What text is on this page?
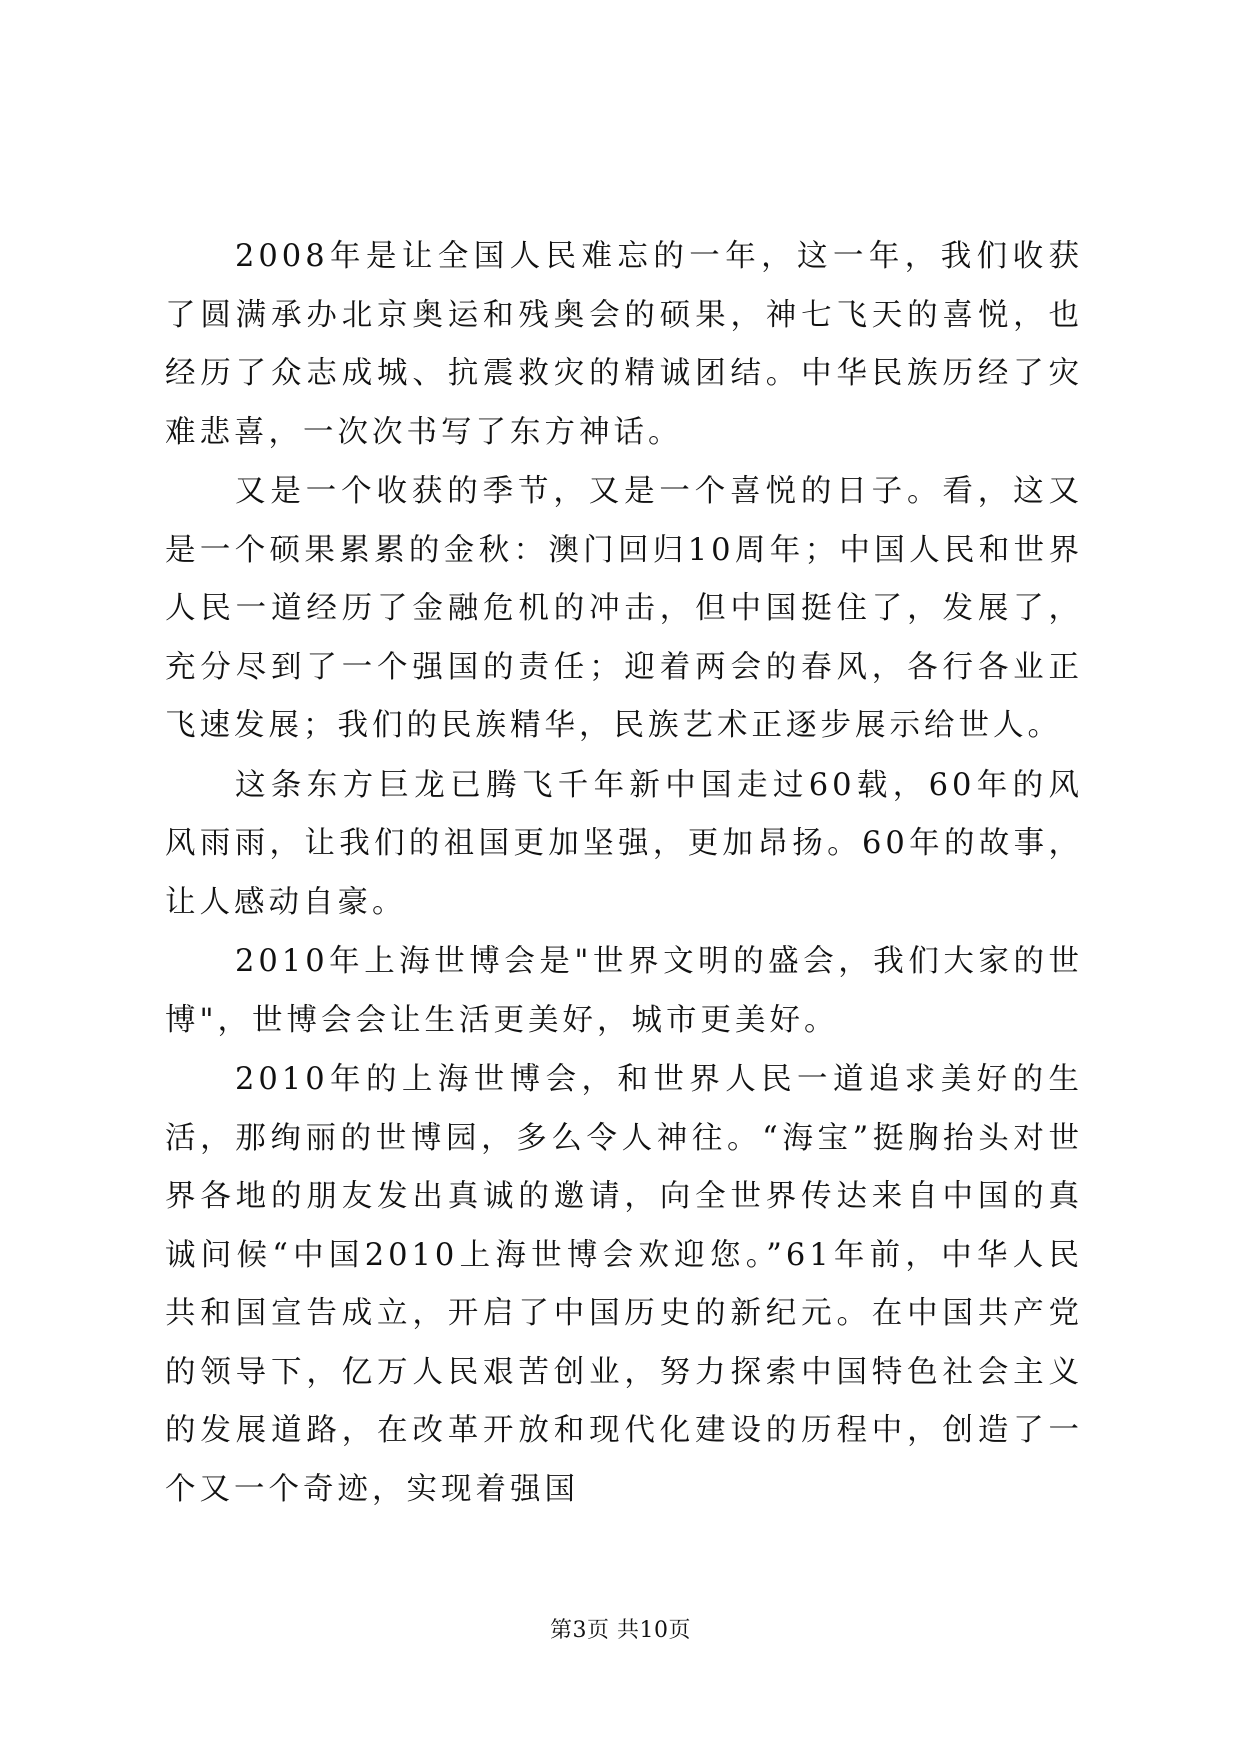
2008年是让全国人民难忘的一年，这一年，我们收获了圆满承办北京奥运和残奥会的硕果，神七飞天的喜悦，也经历了众志成城、抗震救灾的精诚团结。中华民族历经了灾难悲喜，一次次书写了东方神话。

又是一个收获的季节，又是一个喜悦的日子。看，这又是一个硕果累累的金秋：澳门回归10周年；中国人民和世界人民一道经历了金融危机的冲击，但中国挺住了，发展了，充分尽到了一个强国的责任；迎着两会的春风，各行各业正飞速发展；我们的民族精华，民族艺术正逐步展示给世人。

这条东方巨龙已腾飞千年新中国走过60载，60年的风风雨雨，让我们的祖国更加坚强，更加昂扬。60年的故事，让人感动自豪。

2010年上海世博会是"世界文明的盛会，我们大家的世博"，世博会会让生活更美好，城市更美好。

2010年的上海世博会，和世界人民一道追求美好的生活，那绚丽的世博园，多么令人神往。“海宝”挺胸抬头对世界各地的朋友发出真诚的邀请，向全世界传达来自中国的真诚问候“中国2010上海世博会欢迎您。”61年前，中华人民共和国宣告成立，开启了中国历史的新纪元。在中国共产党的领导下，亿万人民艰苦创业，努力探索中国特色社会主义的发展道路，在改革开放和现代化建设的历程中，创造了一个又一个奇迹，实现着强国

第3页 共10页
